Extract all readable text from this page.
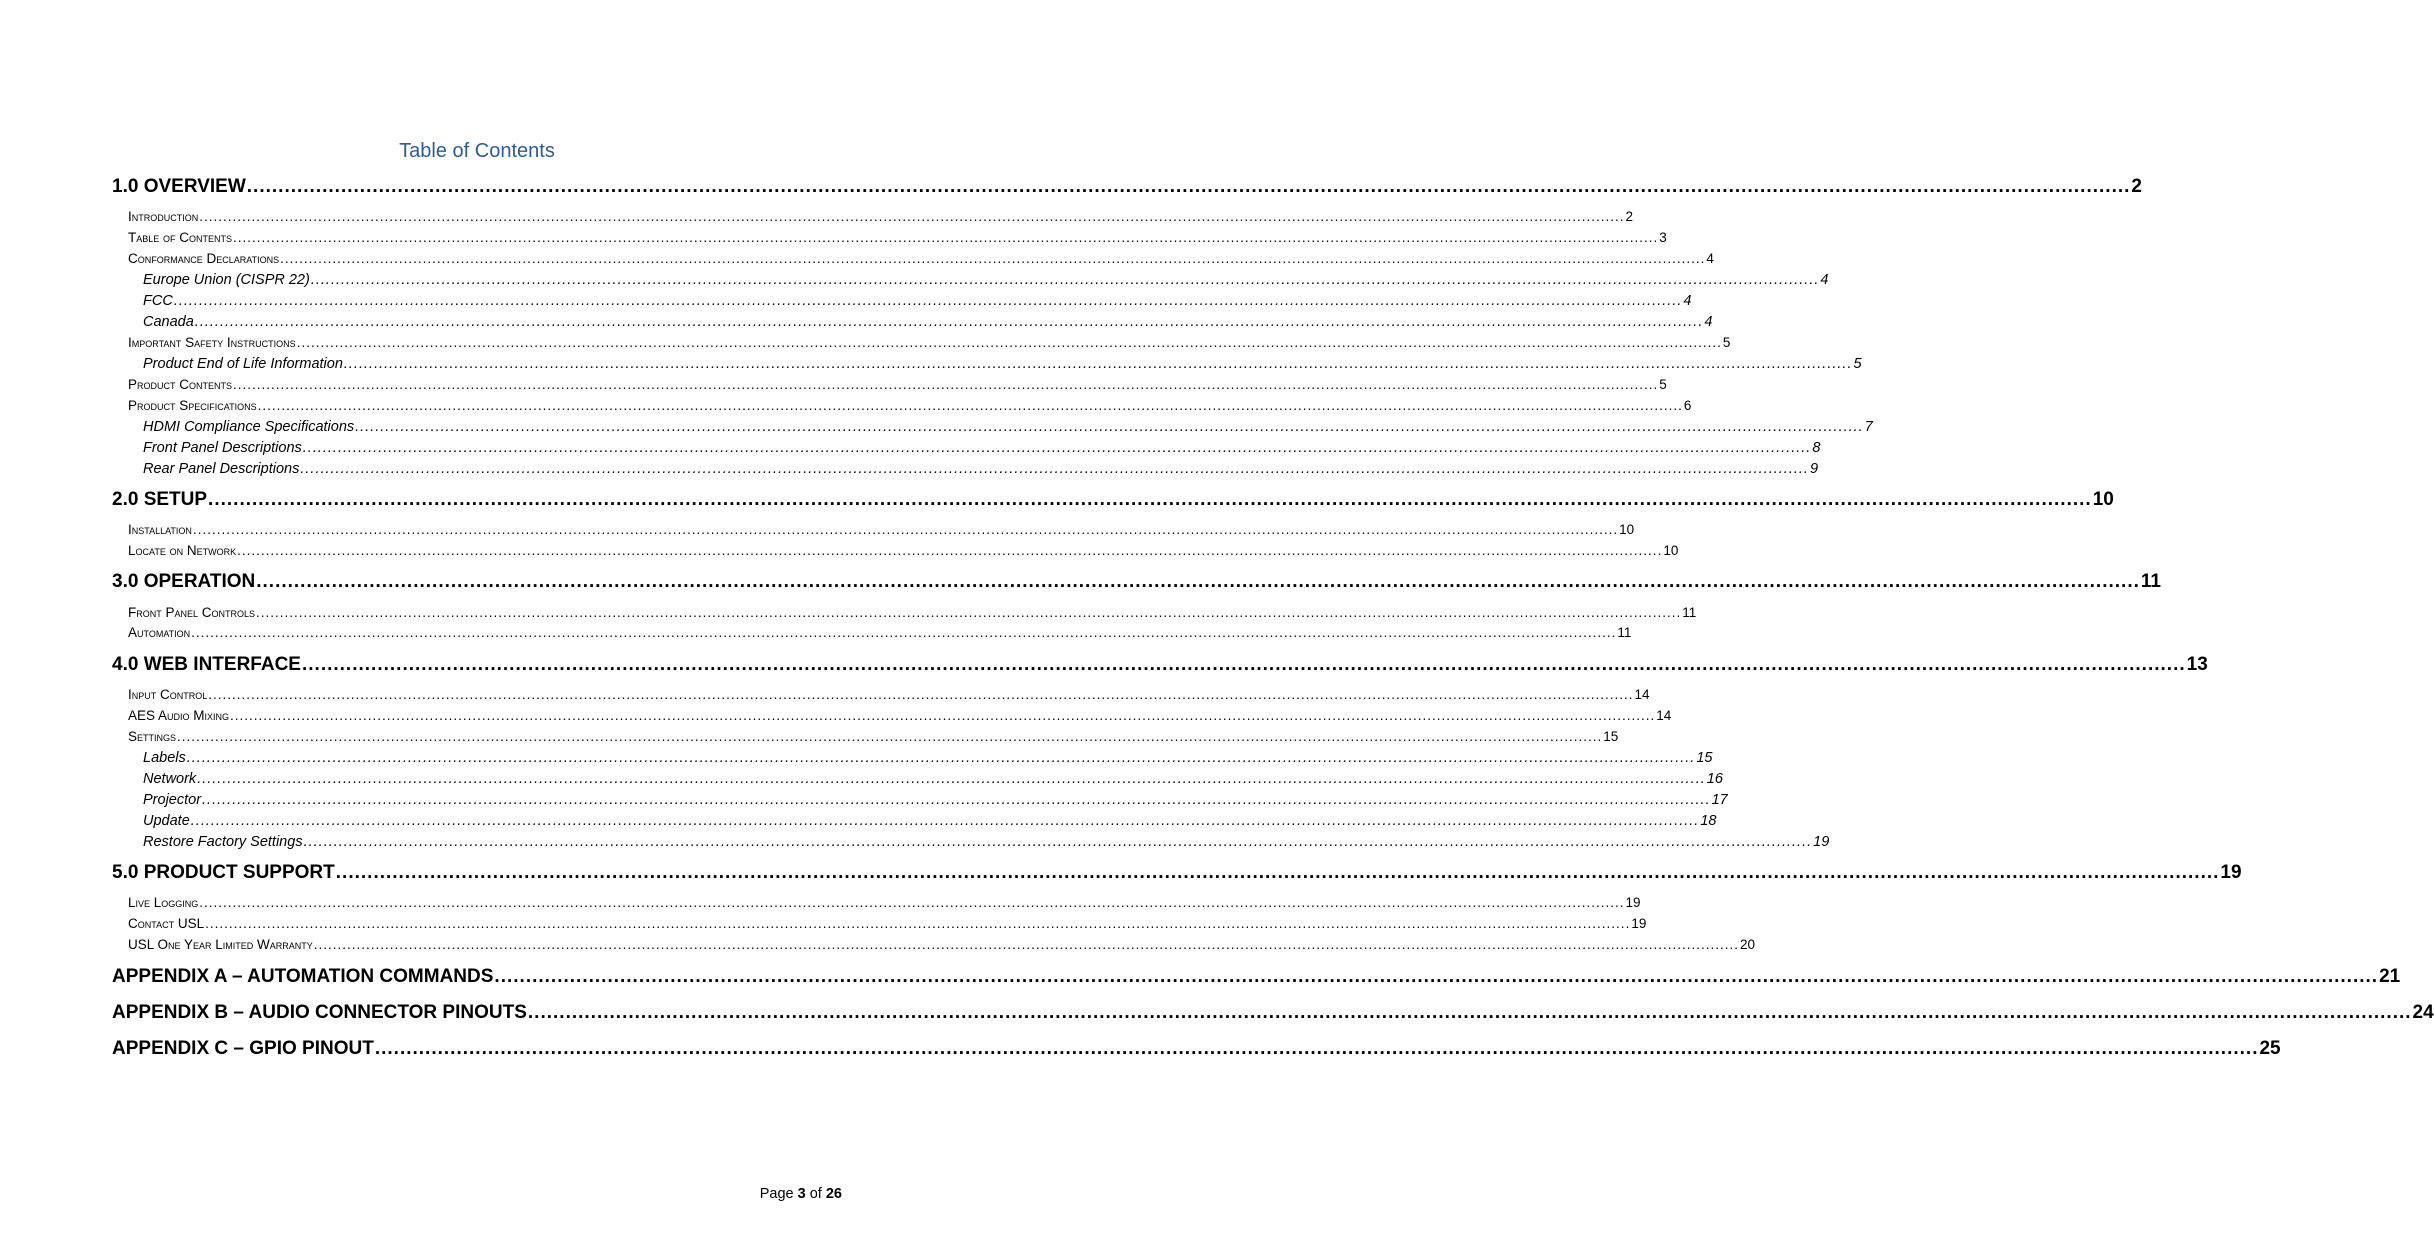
Table of Contents
1.0 OVERVIEW ............................................................................................................................................................................................................................................................................................................ 2
Introduction ............................................................................................................................................................................................................................................................................................................ 2
Table of Contents ............................................................................................................................................................................................................................................................................................................ 3
Conformance Declarations ............................................................................................................................................................................................................................................................................................................ 4
Europe Union (CISPR 22) ............................................................................................................................................................................................................................................................................................................ 4
FCC ............................................................................................................................................................................................................................................................................................................ 4
Canada ............................................................................................................................................................................................................................................................................................................ 4
Important Safety Instructions ............................................................................................................................................................................................................................................................................................................ 5
Product End of Life Information ............................................................................................................................................................................................................................................................................................................ 5
Product Contents ............................................................................................................................................................................................................................................................................................................ 5
Product Specifications ............................................................................................................................................................................................................................................................................................................ 6
HDMI Compliance Specifications ............................................................................................................................................................................................................................................................................................................ 7
Front Panel Descriptions ............................................................................................................................................................................................................................................................................................................ 8
Rear Panel Descriptions ............................................................................................................................................................................................................................................................................................................ 9
2.0 SETUP ............................................................................................................................................................................................................................................................................................................ 10
Installation ............................................................................................................................................................................................................................................................................................................ 10
Locate on Network ............................................................................................................................................................................................................................................................................................................ 10
3.0 OPERATION ............................................................................................................................................................................................................................................................................................................ 11
Front Panel Controls ............................................................................................................................................................................................................................................................................................................ 11
Automation ............................................................................................................................................................................................................................................................................................................ 11
4.0 WEB INTERFACE ............................................................................................................................................................................................................................................................................................................ 13
Input Control ............................................................................................................................................................................................................................................................................................................ 14
AES Audio Mixing ............................................................................................................................................................................................................................................................................................................ 14
Settings ............................................................................................................................................................................................................................................................................................................ 15
Labels ............................................................................................................................................................................................................................................................................................................ 15
Network ............................................................................................................................................................................................................................................................................................................ 16
Projector ............................................................................................................................................................................................................................................................................................................ 17
Update ............................................................................................................................................................................................................................................................................................................ 18
Restore Factory Settings ............................................................................................................................................................................................................................................................................................................ 19
5.0 PRODUCT SUPPORT ............................................................................................................................................................................................................................................................................................................ 19
Live Logging ............................................................................................................................................................................................................................................................................................................ 19
Contact USL ............................................................................................................................................................................................................................................................................................................ 19
USL One Year Limited Warranty ............................................................................................................................................................................................................................................................................................................ 20
APPENDIX A – AUTOMATION COMMANDS ............................................................................................................................................................................................................................................................................................................ 21
APPENDIX B – AUDIO CONNECTOR PINOUTS ............................................................................................................................................................................................................................................................................................................ 24
APPENDIX C – GPIO PINOUT ............................................................................................................................................................................................................................................................................................................ 25
Page 3 of 26
